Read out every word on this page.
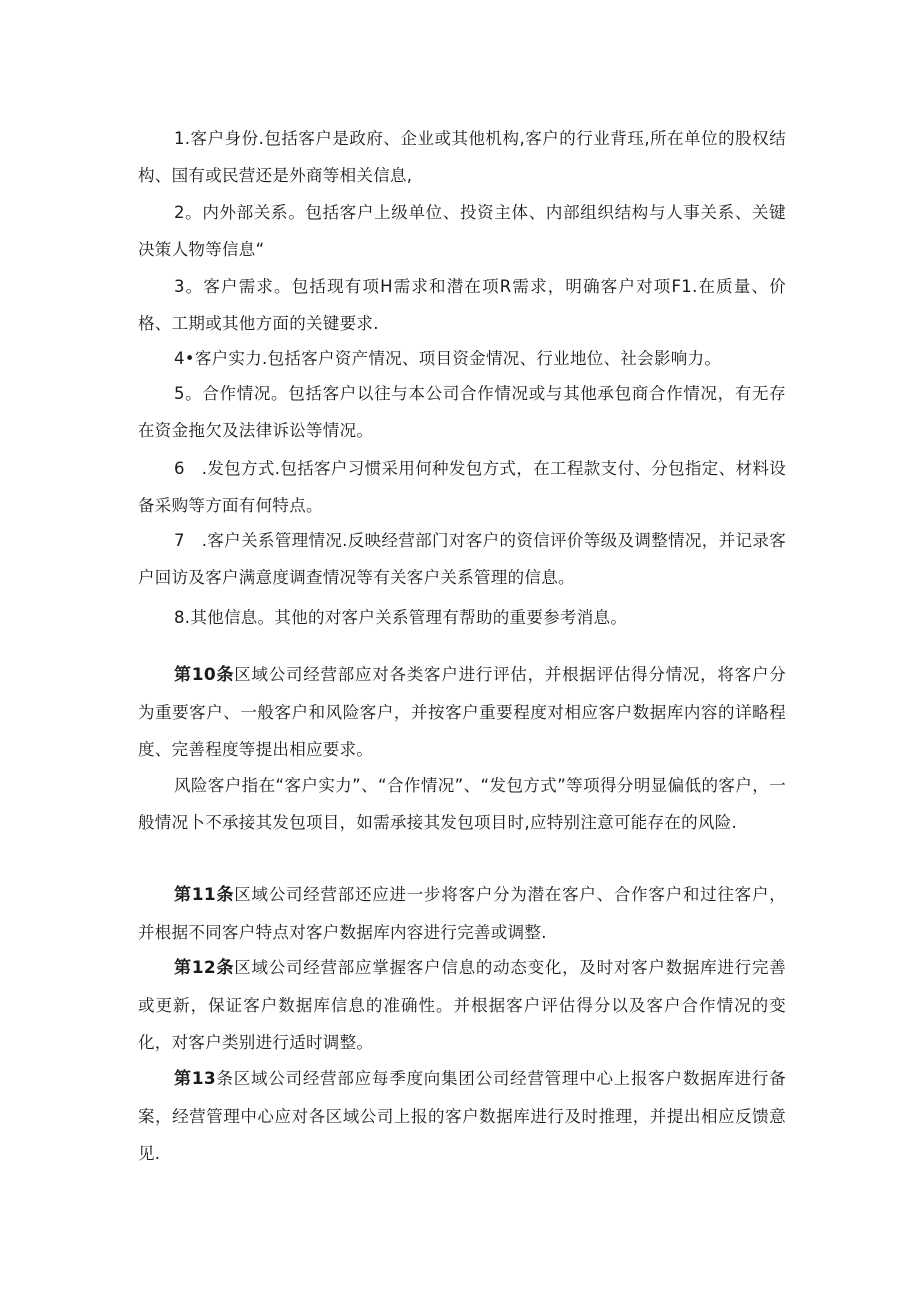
1.客户身份.包括客户是政府、企业或其他机构,客户的行业背珏,所在单位的股权结构、国有或民营还是外商等相关信息,

2。内外部关系。包括客户上级单位、投资主体、内部组织结构与人事关系、关键决策人物等信息“

3。客户需求。包括现有项H需求和潜在项R需求，明确客户对项F1.在质量、价格、工期或其他方面的关键要求.

4•客户实力.包括客户资产情况、项目资金情况、行业地位、社会影响力。

5。合作情况。包括客户以往与本公司合作情况或与其他承包商合作情况，有无存在资金拖欠及法律诉讼等情况。

6　.发包方式.包括客户习惯采用何种发包方式，在工程款支付、分包指定、材料设备采购等方面有何特点。

7　.客户关系管理情况.反映经营部门对客户的资信评价等级及调整情况，并记录客户回访及客户满意度调查情况等有关客户关系管理的信息。

8.其他信息。其他的对客户关系管理有帮助的重要参考消息。

第10条区域公司经营部应对各类客户进行评估，并根据评估得分情况，将客户分为重要客户、一般客户和风险客户，并按客户重要程度对相应客户数据库内容的详略程度、完善程度等提出相应要求。

风险客户指在“客户实力”、“合作情况”、“发包方式”等项得分明显偏低的客户，一般情况卜不承接其发包项目，如需承接其发包项目时,应特别注意可能存在的风险.

第11条区域公司经营部还应进一步将客户分为潜在客户、合作客户和过往客户，并根据不同客户特点对客户数据库内容进行完善或调整.

第12条区域公司经营部应掌握客户信息的动态变化，及时对客户数据库进行完善或更新，保证客户数据库信息的准确性。并根据客户评估得分以及客户合作情况的变化，对客户类别进行适时调整。

第13条区域公司经营部应每季度向集团公司经营管理中心上报客户数据库进行备案，经营管理中心应对各区域公司上报的客户数据库进行及时推理，并提出相应反馈意见.
